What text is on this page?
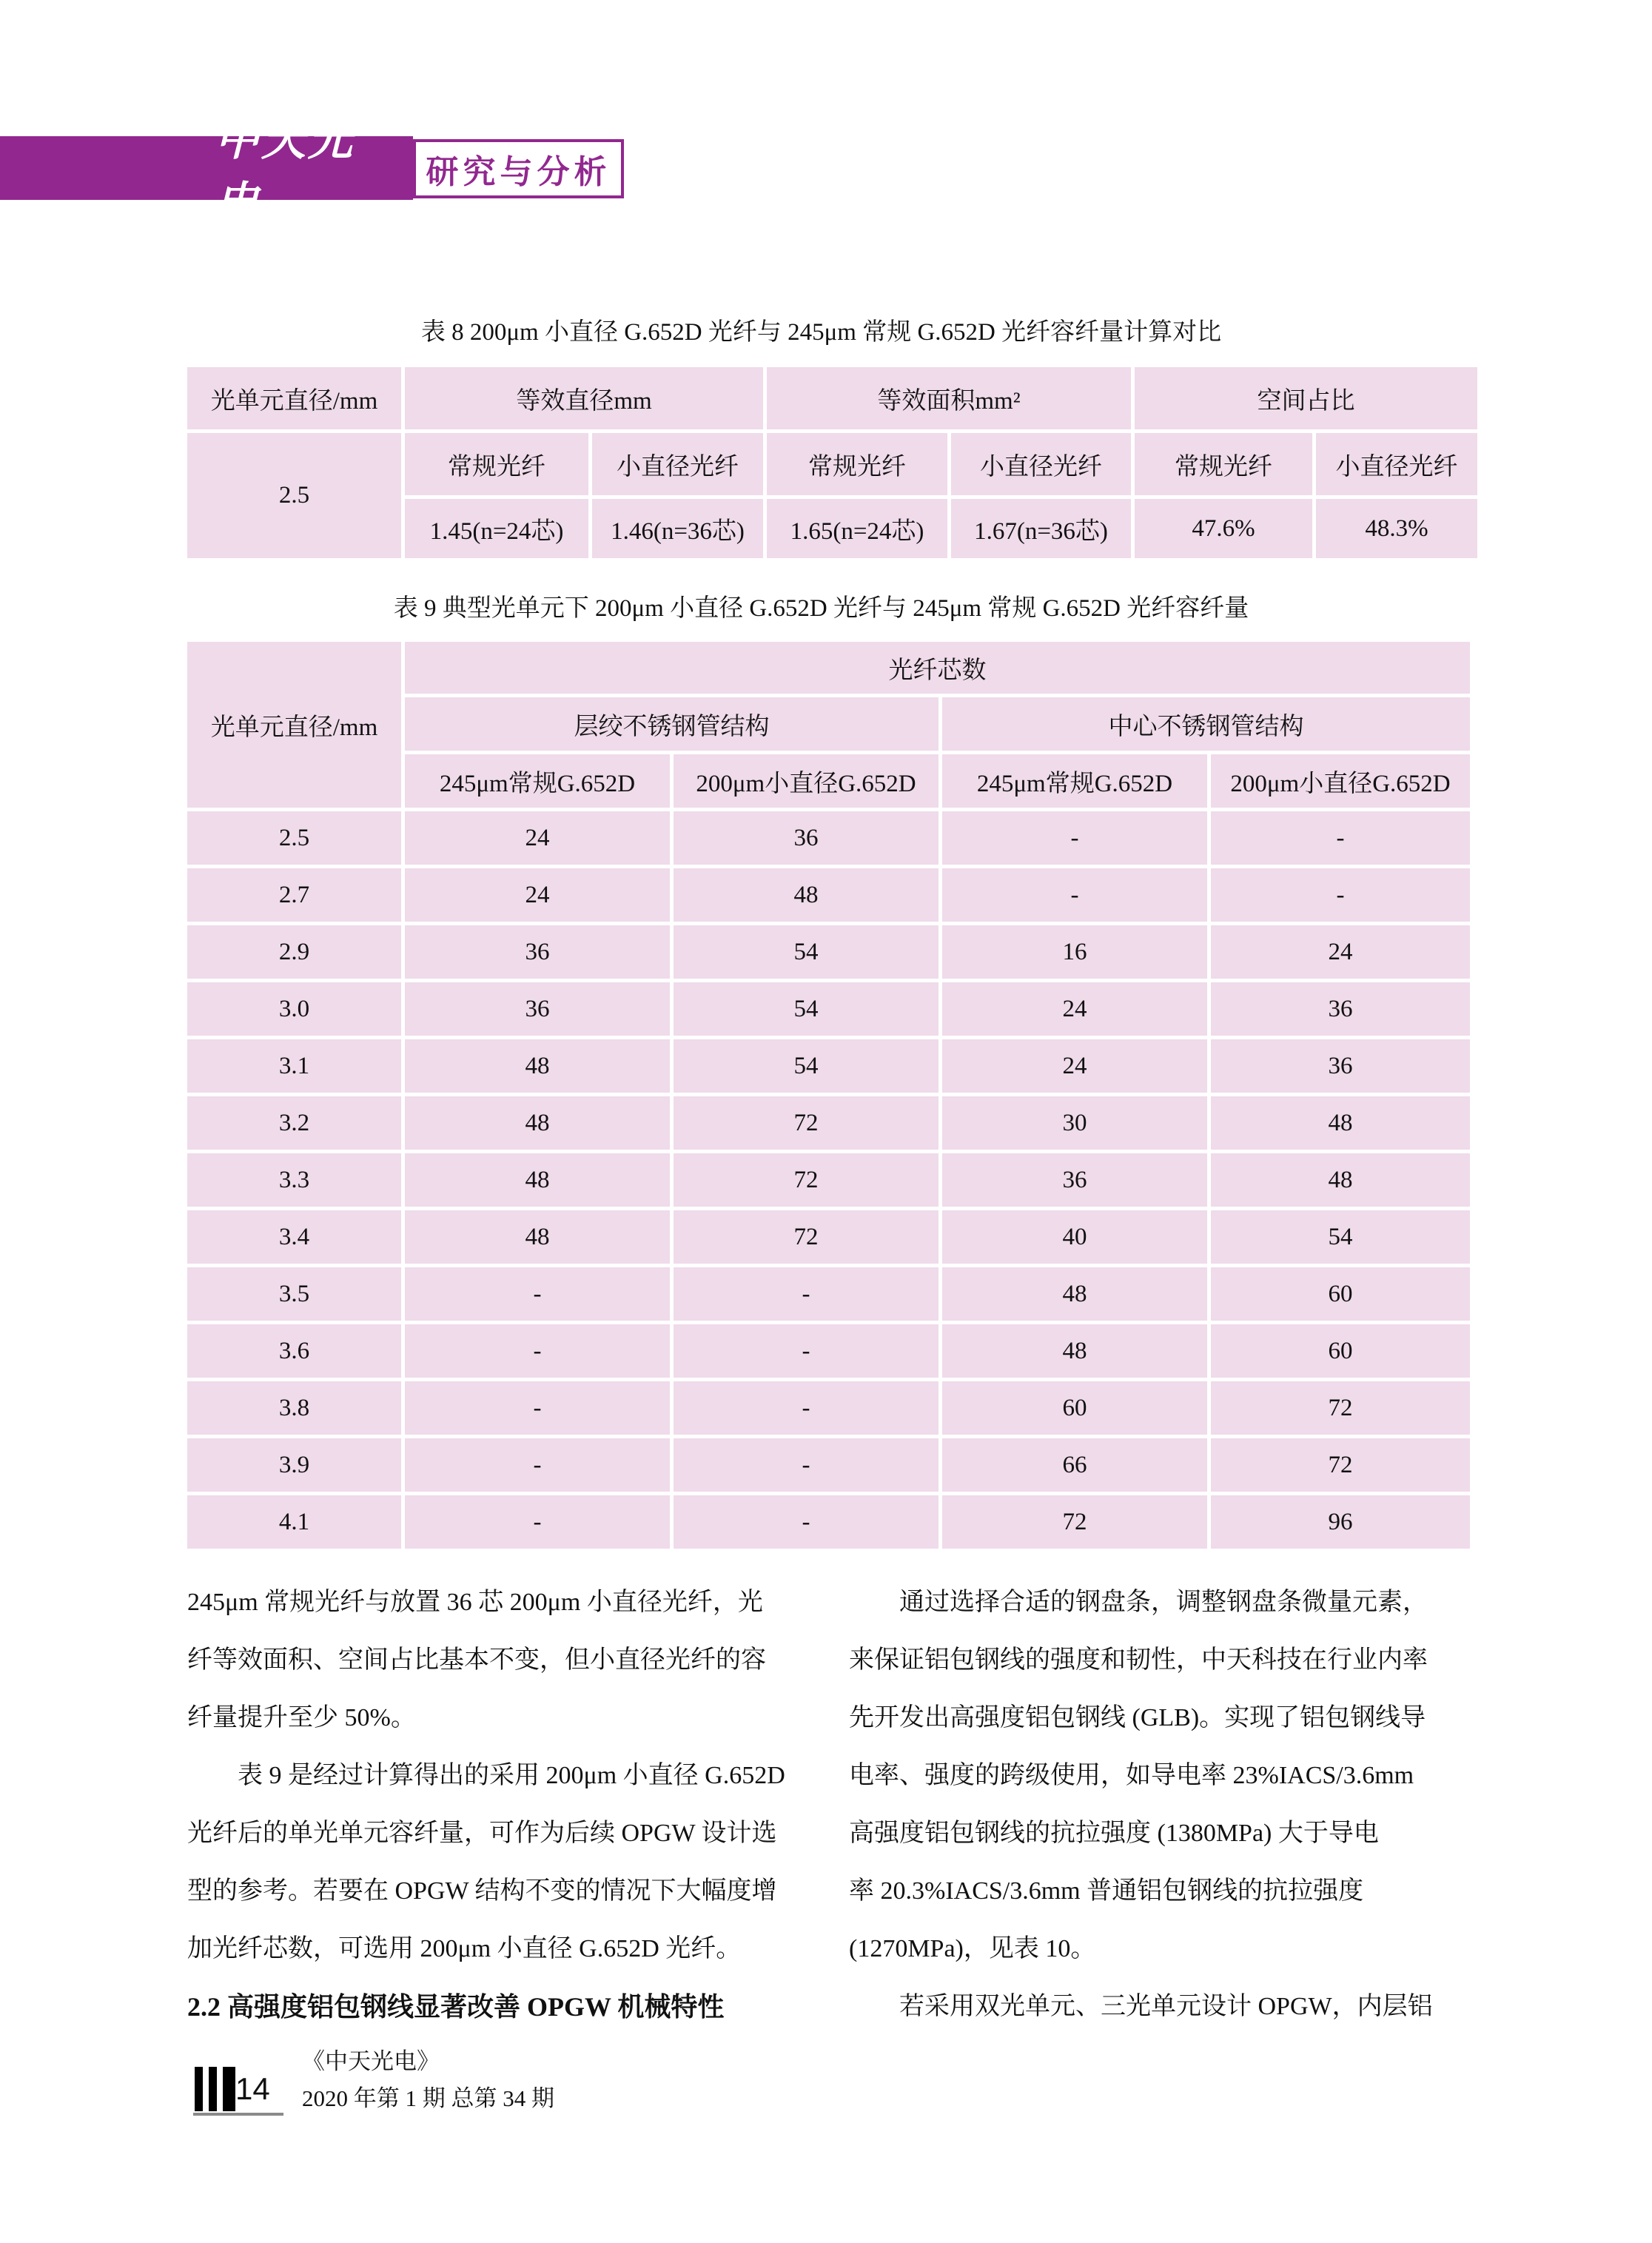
中天光电
研究与分析
表 8 200μm 小直径 G.652D 光纤与 245μm 常规 G.652D 光纤容纤量计算对比
光单元直径/mm	等效直径mm		等效面积mm²		空间占比	
2.5	常规光纤	小直径光纤	常规光纤	小直径光纤	常规光纤	小直径光纤
	1.45(n=24芯)	1.46(n=36芯)	1.65(n=24芯)	1.67(n=36芯)	47.6%	48.3%
表 9 典型光单元下 200μm 小直径 G.652D 光纤与 245μm 常规 G.652D 光纤容纤量
光单元直径/mm	光纤芯数			
	层绞不锈钢管结构		中心不锈钢管结构	
	245μm常规G.652D	200μm小直径G.652D	245μm常规G.652D	200μm小直径G.652D
2.5	24	36	-	-
2.7	24	48	-	-
2.9	36	54	16	24
3.0	36	54	24	36
3.1	48	54	24	36
3.2	48	72	30	48
3.3	48	72	36	48
3.4	48	72	40	54
3.5	-	-	48	60
3.6	-	-	48	60
3.8	-	-	60	72
3.9	-	-	66	72
4.1	-	-	72	96
245μm 常规光纤与放置 36 芯 200μm 小直径光纤，光
纤等效面积、空间占比基本不变，但小直径光纤的容
纤量提升至少 50%。
　　表 9 是经过计算得出的采用 200μm 小直径 G.652D
光纤后的单光单元容纤量，可作为后续 OPGW 设计选
型的参考。若要在 OPGW 结构不变的情况下大幅度增
加光纤芯数，可选用 200μm 小直径 G.652D 光纤。
2.2 高强度铝包钢线显著改善 OPGW 机械特性
　　通过选择合适的钢盘条，调整钢盘条微量元素，
来保证铝包钢线的强度和韧性，中天科技在行业内率
先开发出高强度铝包钢线 (GLB)。实现了铝包钢线导
电率、强度的跨级使用，如导电率 23%IACS/3.6mm
高强度铝包钢线的抗拉强度 (1380MPa) 大于导电
率 20.3%IACS/3.6mm 普通铝包钢线的抗拉强度
(1270MPa)，见表 10。
　　若采用双光单元、三光单元设计 OPGW，内层铝
14
《中天光电》
2020 年第 1 期 总第 34 期
